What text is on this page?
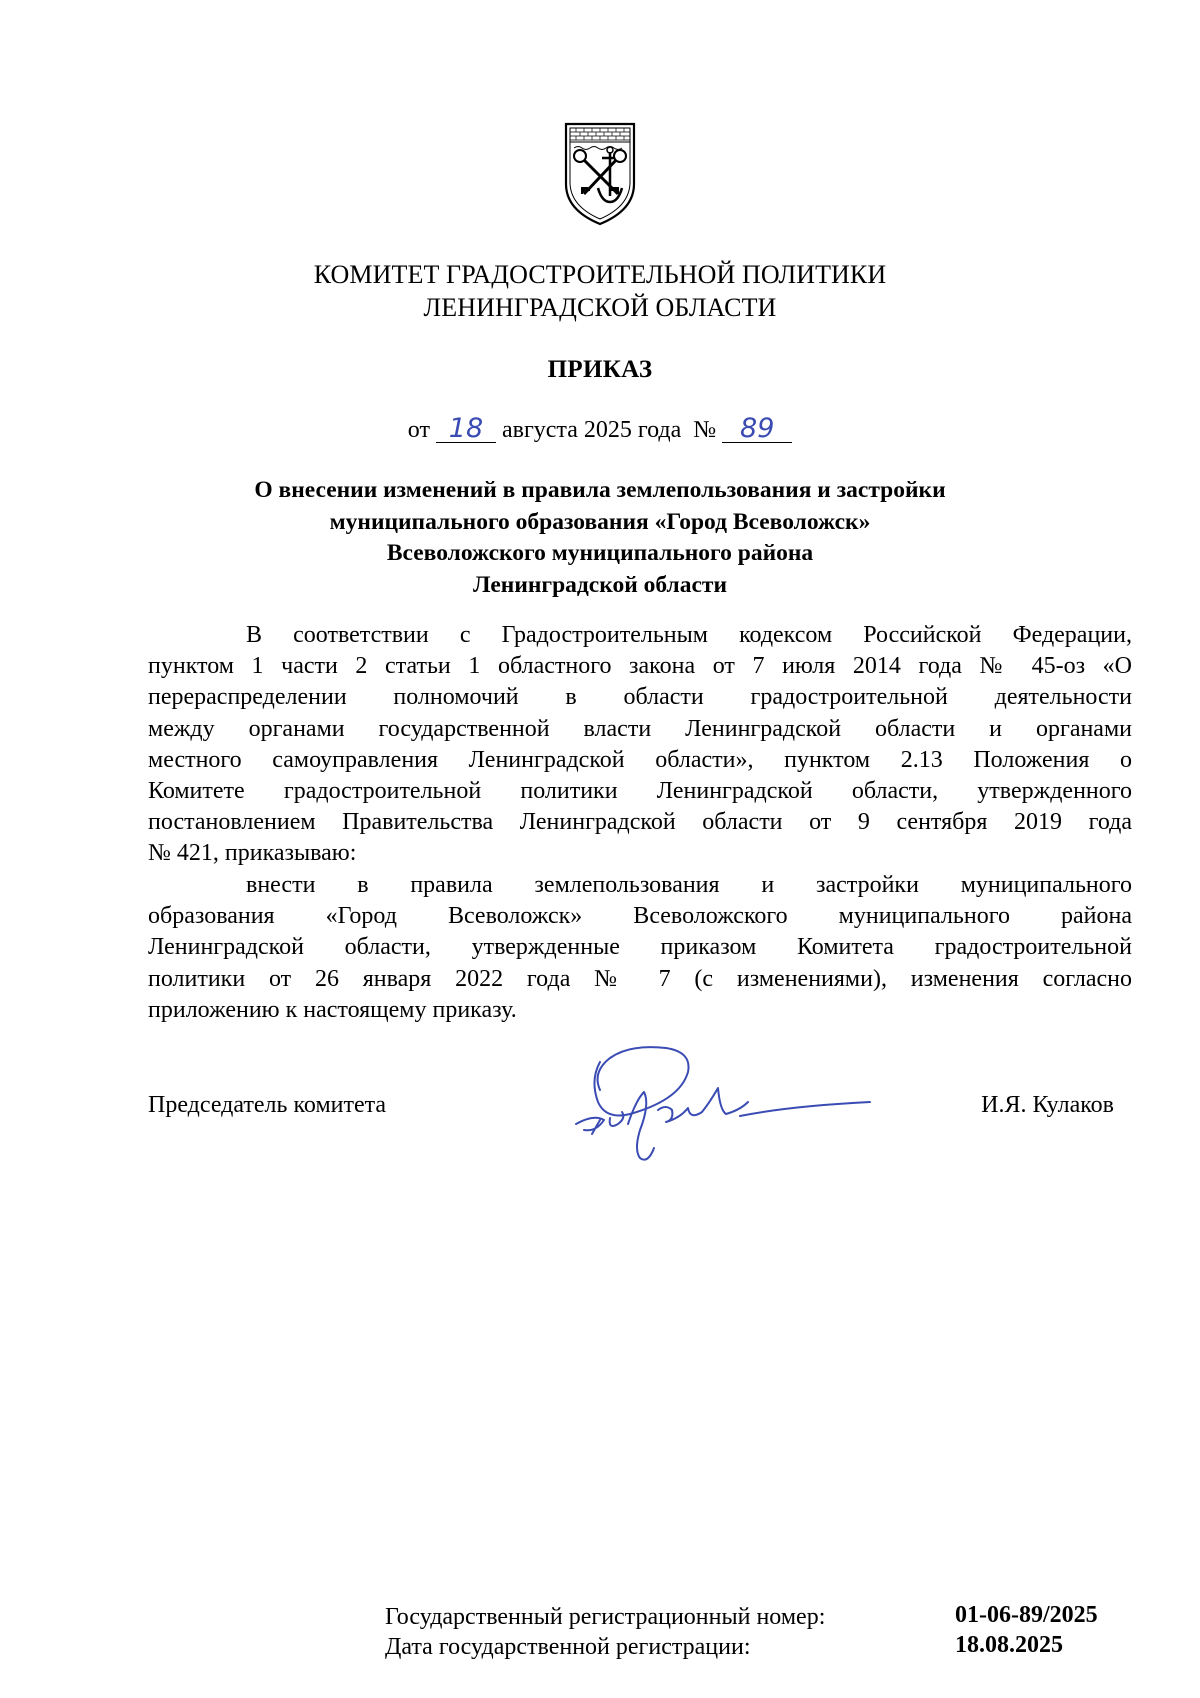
КОМИТЕТ ГРАДОСТРОИТЕЛЬНОЙ ПОЛИТИКИ
ЛЕНИНГРАДСКОЙ ОБЛАСТИ
ПРИКАЗ
от 18 августа 2025 года № 89
О внесении изменений в правила землепользования и застройки
муниципального образования «Город Всеволожск»
Всеволожского муниципального района
Ленинградской области
В соответствии с Градостроительным кодексом Российской Федерации,
пунктом 1 части 2 статьи 1 областного закона от 7 июля 2014 года № 45-оз «О
перераспределении полномочий в области градостроительной деятельности
между органами государственной власти Ленинградской области и органами
местного самоуправления Ленинградской области», пунктом 2.13 Положения о
Комитете градостроительной политики Ленинградской области, утвержденного
постановлением Правительства Ленинградской области от 9 сентября 2019 года
№ 421, приказываю:
внести в правила землепользования и застройки муниципального
образования «Город Всеволожск» Всеволожского муниципального района
Ленинградской области, утвержденные приказом Комитета градостроительной
политики от 26 января 2022 года № 7 (с изменениями), изменения согласно
приложению к настоящему приказу.
Председатель комитета	И.Я. Кулаков
Государственный регистрационный номер:	01-06-89/2025
Дата государственной регистрации:	18.08.2025
